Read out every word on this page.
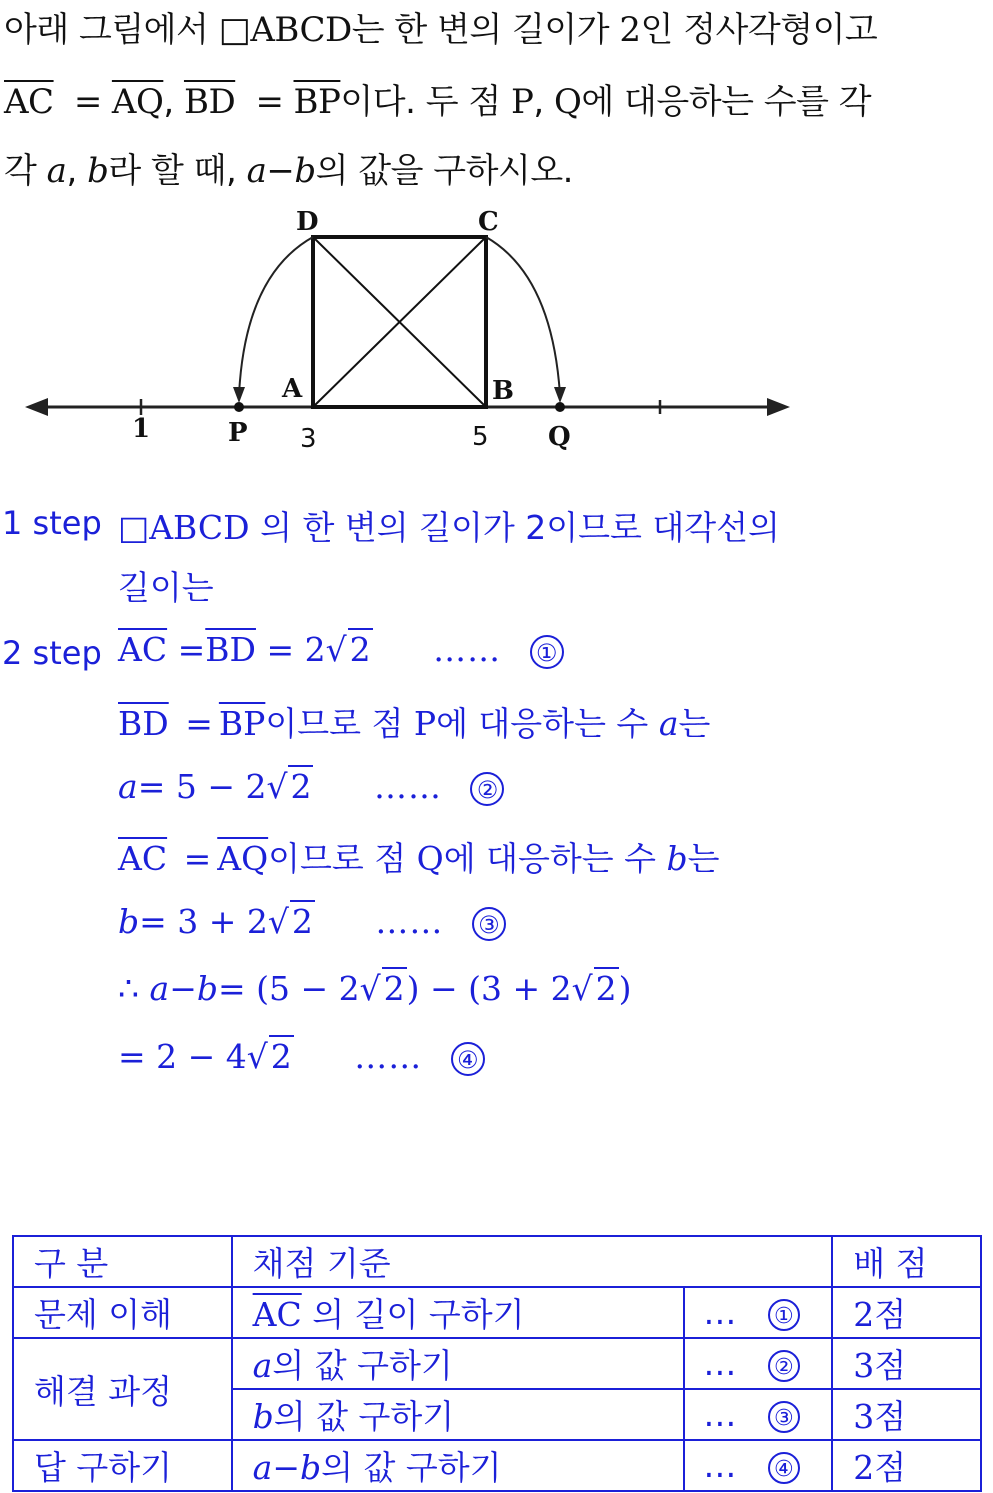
아래 그림에서 □ABCD는 한 변의 길이가 2인 정사각형이고
$\overline{AC} = \overline{AQ}$, $\overline{BD} = \overline{BP}$이다. 두 점 P, Q에 대응하는 수를 각
각 a, b라 할 때, a−b의 값을 구하시오.
D	C
A	B
P	Q
1	3	5
1 step □ABCD 의 한 변의 길이가 2이므로 대각선의
길이는
2 step $\overline{AC} =\overline{BD} = 2√2$ …… ①
$\overline{BD} = \overline{BP}$이므로 점 P에 대응하는 수 a는
a= 5 − 2√2 …… ②
$\overline{AC} = \overline{AQ}$이므로 점 Q에 대응하는 수 b는
b= 3 + 2√2 …… ③
∴ a−b= (5 − 2√2) − (3 + 2√2)
= 2 − 4√2 …… ④
구 분	채점 기준		배 점
문제 이해	$\overline{AC}$ 의 길이 구하기	… ①	2점
해결 과정	a의 값 구하기	… ②	3점
	b의 값 구하기	… ③	3점
답 구하기	a−b의 값 구하기	… ④	2점
